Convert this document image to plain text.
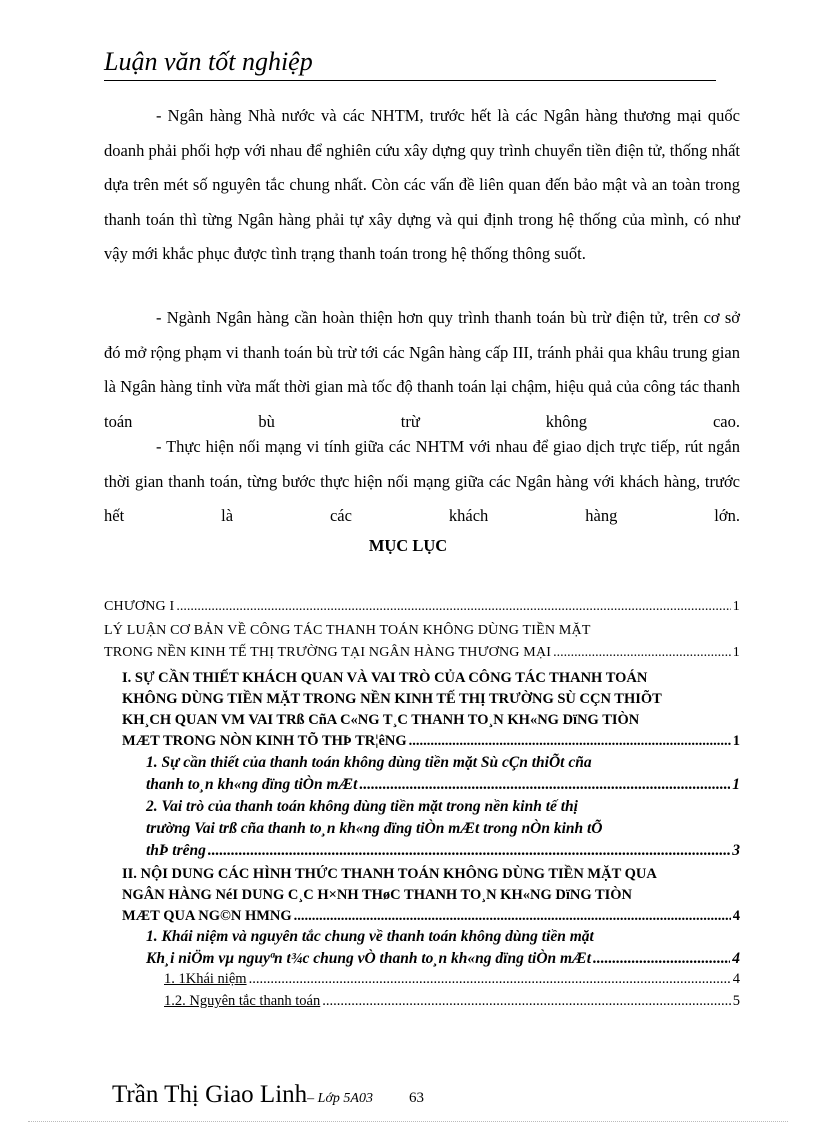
Luận văn tốt nghiệp

- Ngân hàng Nhà nước và các NHTM, trước hết là các Ngân hàng thương mại quốc doanh phải phối hợp với nhau để nghiên cứu xây dựng quy trình chuyển tiền điện tử, thống nhất dựa trên mét số nguyên tắc chung nhất. Còn các vấn đề liên quan đến bảo mật và an toàn trong thanh toán thì từng Ngân hàng phải tự xây dựng và qui định trong hệ thống của mình, có như vậy mới khắc phục được tình trạng thanh toán trong hệ thống thông suốt.

- Ngành Ngân hàng cần hoàn thiện hơn quy trình thanh toán bù trừ điện tử, trên cơ sở đó mở rộng phạm vi thanh toán bù trừ tới các Ngân hàng cấp III, tránh phải qua khâu trung gian là Ngân hàng tỉnh vừa mất thời gian mà tốc độ thanh toán lại chậm, hiệu quả của công tác thanh toán bù trừ không cao.

- Thực hiện nối mạng vi tính giữa các NHTM với nhau để giao dịch trực tiếp, rút ngắn thời gian thanh toán, từng bước thực hiện nối mạng giữa các Ngân hàng với khách hàng, trước hết là các khách hàng lớn.

MỤC LỤC
CHƯƠNG I .....	1
LÝ LUẬN CƠ BẢN VỀ CÔNG TÁC THANH TOÁN KHÔNG DÙNG TIỀN MẶT
TRONG NỀN KINH TẾ THỊ TRƯỜNG TẠI NGÂN HÀNG THƯƠNG MẠI .....	1
I. SỰ CẦN THIẾT KHÁCH QUAN VÀ VAI TRÒ CỦA CÔNG TÁC THANH TOÁN
KHÔNG DÙNG TIỀN MẶT TRONG NỀN KINH TẾ THỊ TRƯỜNG SÙ CÇN THIÕT
KH¸CH QUAN VM VAI TRß CñA C«NG T¸C THANH TO¸N KH«NG DïNG TIÒN
MÆT TRONG NÒN KINH TÕ THÞ TR¦êNG .....	1
1. Sự cần thiết của thanh toán không dùng tiền mặt Sù cÇn thiÕt cña
thanh to¸n kh«ng dïng tiÒn mÆt .....	1
2. Vai trò của thanh toán không dùng tiền mặt trong nền kinh tế thị
trường Vai trß cña thanh to¸n kh«ng dïng tiÒn mÆt trong nÒn kinh tÕ
thÞ trêng .....	3
II. NỘI DUNG CÁC HÌNH THỨC THANH TOÁN KHÔNG DÙNG TIỀN MẶT QUA
NGÂN HÀNG NéI DUNG C¸C H×NH THøC THANH TO¸N KH«NG DïNG TIÒN
MÆT QUA NG©N HMNG .....	4
1. Khái niệm và nguyên tắc chung về thanh toán không dùng tiền mặt
Kh¸i niÖm vµ nguyªn t¾c chung vÒ thanh to¸n kh«ng dïng tiÒn mÆt .....	4
1. 1Khái niệm .....	4
1.2. Nguyên tắc thanh toán .....	5
Trần Thị Giao Linh– Lớp 5A03 63
